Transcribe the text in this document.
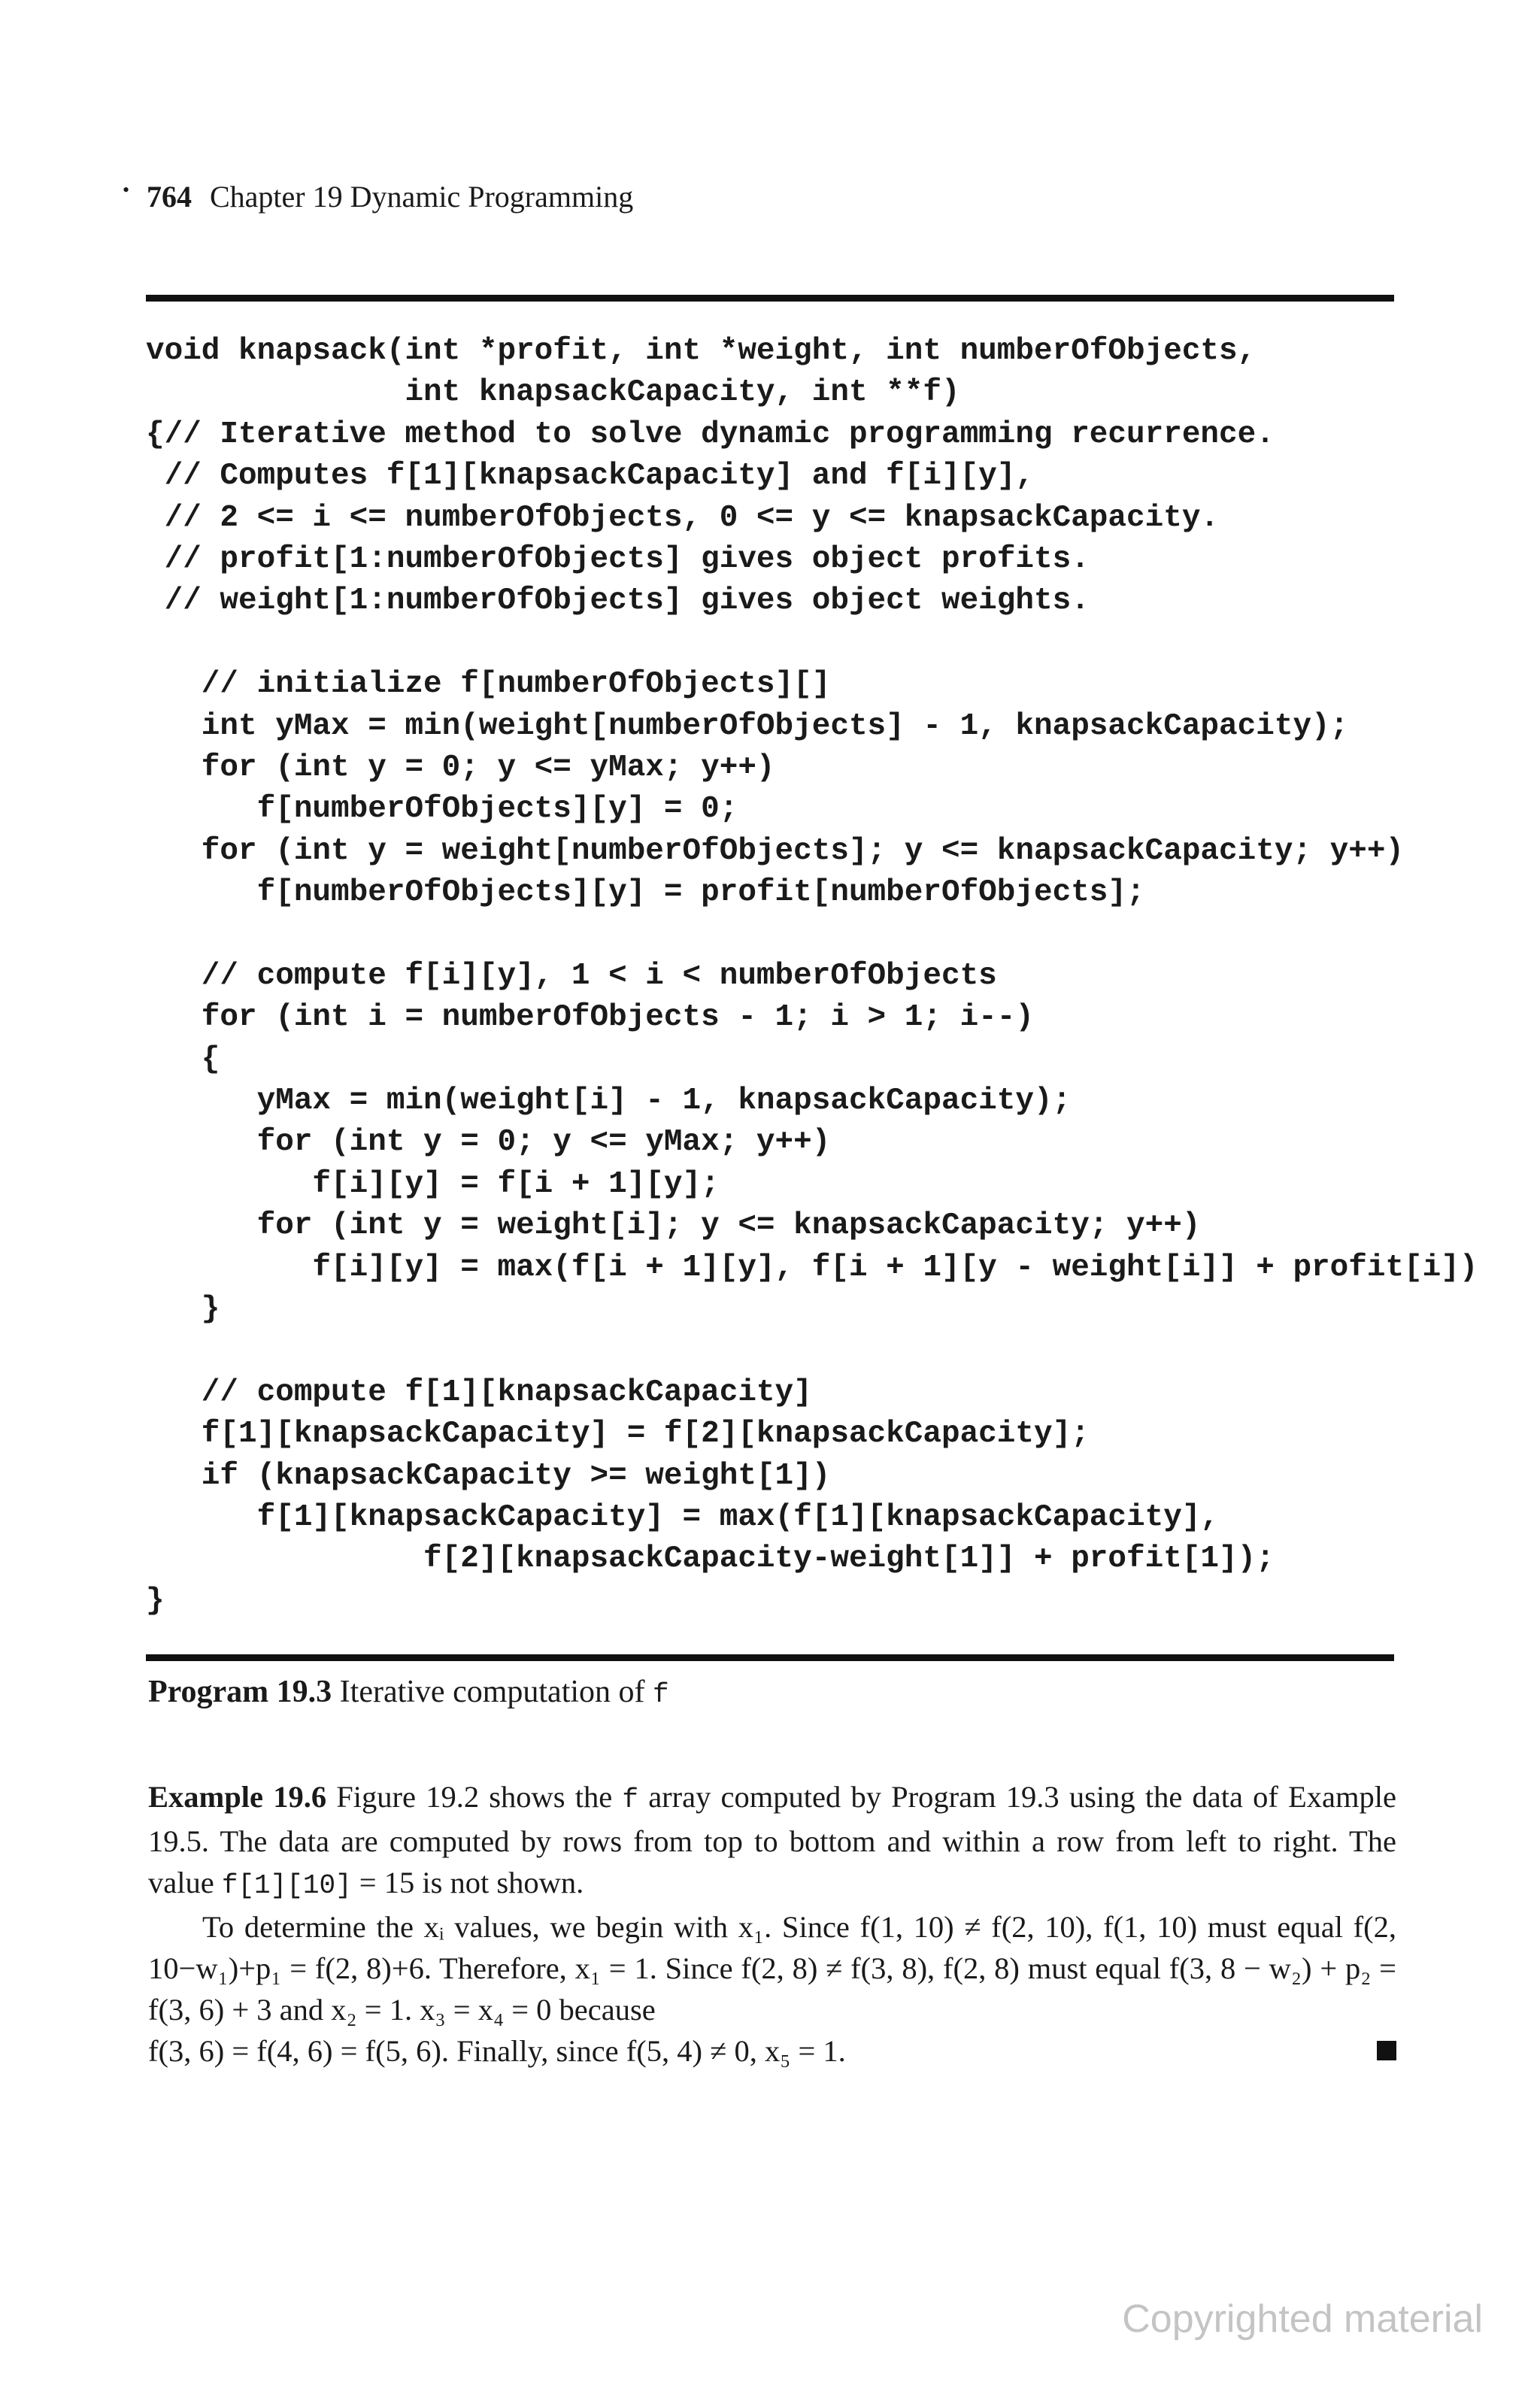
• 764 Chapter 19 Dynamic Programming
void knapsack(int *profit, int *weight, int numberOfObjects,
int knapsackCapacity, int **f)
{// Iterative method to solve dynamic programming recurrence.
// Computes f[1][knapsackCapacity] and f[i][y],
// 2 <= i <= numberOfObjects, 0 <= y <= knapsackCapacity.
// profit[1:numberOfObjects] gives object profits.
// weight[1:numberOfObjects] gives object weights.
// initialize f[numberOfObjects][]
int yMax = min(weight[numberOfObjects] - 1, knapsackCapacity);
for (int y = 0; y <= yMax; y++)
f[numberOfObjects][y] = 0;
for (int y = weight[numberOfObjects]; y <= knapsackCapacity; y++)
f[numberOfObjects][y] = profit[numberOfObjects];
// compute f[i][y], 1 < i < numberOfObjects
for (int i = numberOfObjects - 1; i > 1; i--)
{
yMax = min(weight[i] - 1, knapsackCapacity);
for (int y = 0; y <= yMax; y++)
f[i][y] = f[i + 1][y];
for (int y = weight[i]; y <= knapsackCapacity; y++)
f[i][y] = max(f[i + 1][y], f[i + 1][y - weight[i]] + profit[i])
}
// compute f[1][knapsackCapacity]
f[1][knapsackCapacity] = f[2][knapsackCapacity];
if (knapsackCapacity >= weight[1])
f[1][knapsackCapacity] = max(f[1][knapsackCapacity],
f[2][knapsackCapacity-weight[1]] + profit[1]);
}
Program 19.3 Iterative computation of f

Example 19.6 Figure 19.2 shows the f array computed by Program 19.3 using the data of Example 19.5. The data are computed by rows from top to bottom and within a row from left to right. The value f[1][10] = 15 is not shown.

To determine the xᵢ values, we begin with x₁. Since f(1, 10) ≠ f(2, 10), f(1, 10) must equal f(2, 10−w₁)+p₁ = f(2, 8)+6. Therefore, x₁ = 1. Since f(2, 8) ≠ f(3, 8), f(2, 8) must equal f(3, 8 − w₂) + p₂ = f(3, 6) + 3 and x₂ = 1. x₃ = x₄ = 0 because

f(3, 6) = f(4, 6) = f(5, 6). Finally, since f(5, 4) ≠ 0, x₅ = 1.
Copyrighted material
